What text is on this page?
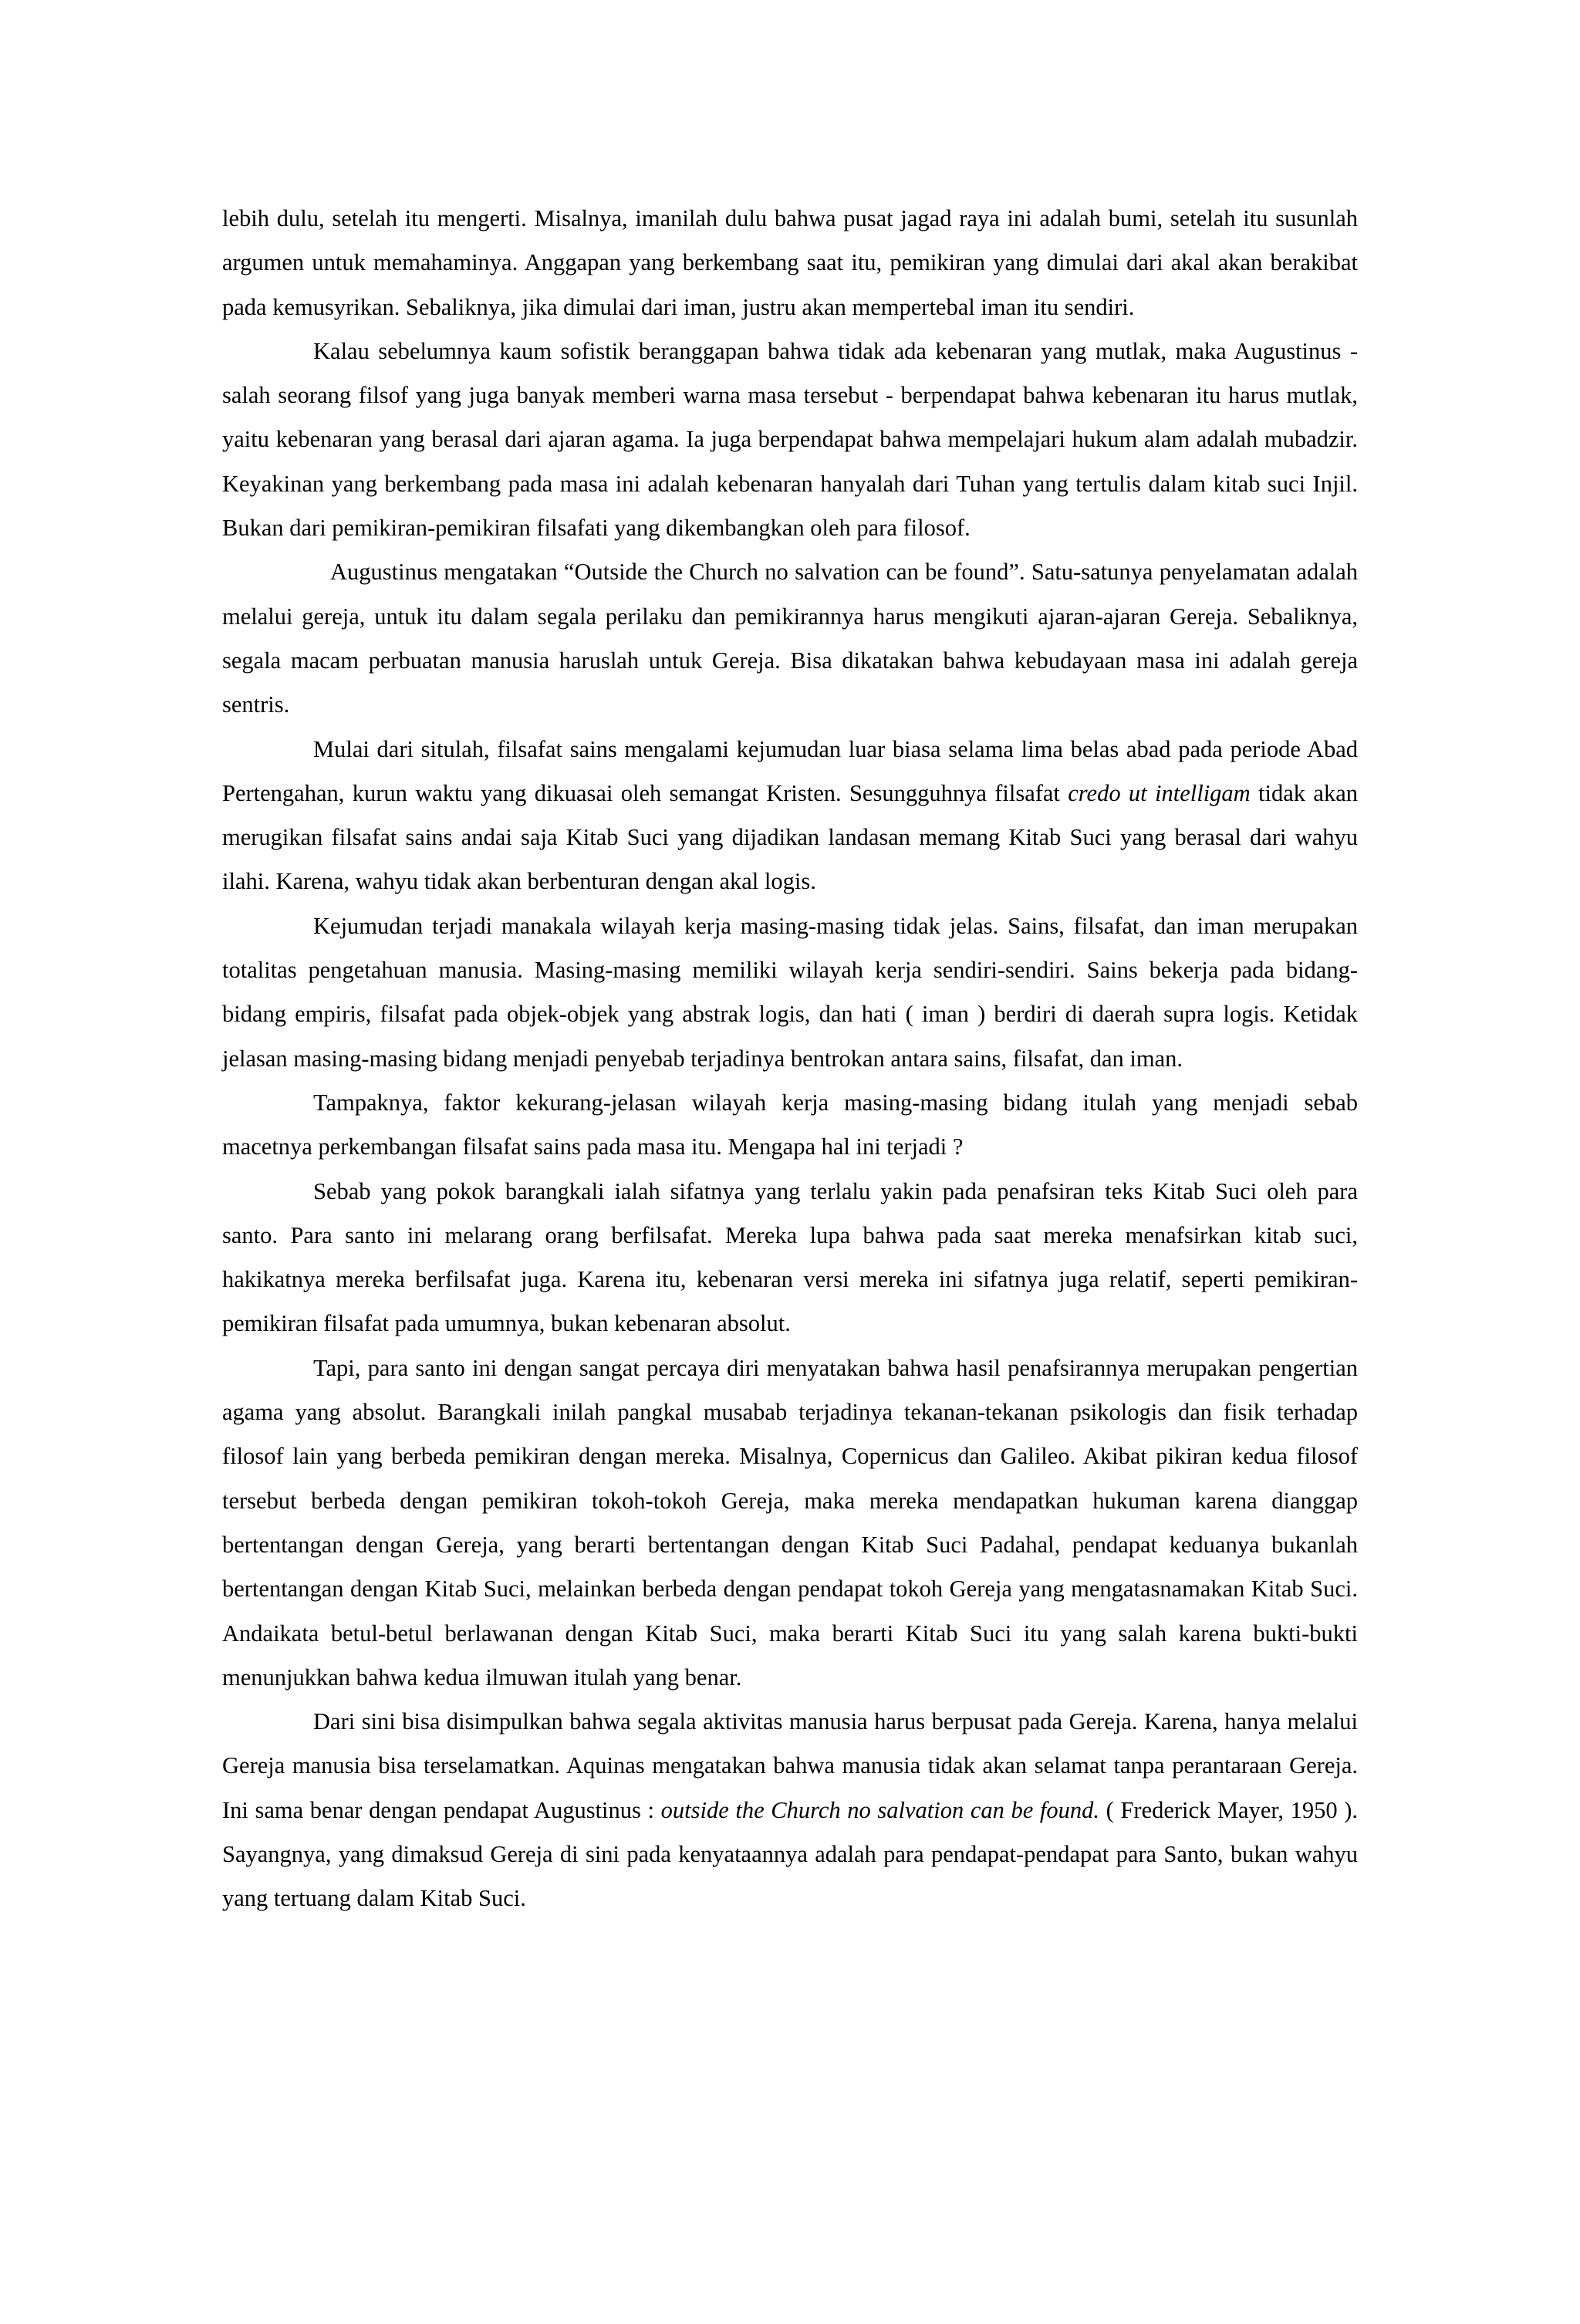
lebih dulu, setelah itu mengerti. Misalnya, imanilah dulu bahwa pusat jagad raya ini adalah bumi, setelah itu susunlah argumen untuk memahaminya. Anggapan yang berkembang saat itu, pemikiran yang dimulai dari akal akan berakibat pada kemusyrikan. Sebaliknya, jika dimulai dari iman, justru akan mempertebal iman itu sendiri.

Kalau sebelumnya kaum sofistik beranggapan bahwa tidak ada kebenaran yang mutlak, maka Augustinus - salah seorang filsof yang juga banyak memberi warna masa tersebut - berpendapat bahwa kebenaran itu harus mutlak, yaitu kebenaran yang berasal dari ajaran agama. Ia juga berpendapat bahwa mempelajari hukum alam adalah mubadzir. Keyakinan yang berkembang pada masa ini adalah kebenaran hanyalah dari Tuhan yang tertulis dalam kitab suci Injil. Bukan dari pemikiran-pemikiran filsafati yang dikembangkan oleh para filosof.

Augustinus mengatakan “Outside the Church no salvation can be found”. Satu-satunya penyelamatan adalah melalui gereja, untuk itu dalam segala perilaku dan pemikirannya harus mengikuti ajaran-ajaran Gereja. Sebaliknya, segala macam perbuatan manusia haruslah untuk Gereja. Bisa dikatakan bahwa kebudayaan masa ini adalah gereja sentris.

Mulai dari situlah, filsafat sains mengalami kejumudan luar biasa selama lima belas abad pada periode Abad Pertengahan, kurun waktu yang dikuasai oleh semangat Kristen. Sesungguhnya filsafat credo ut intelligam tidak akan merugikan filsafat sains andai saja Kitab Suci yang dijadikan landasan memang Kitab Suci yang berasal dari wahyu ilahi. Karena, wahyu tidak akan berbenturan dengan akal logis.

Kejumudan terjadi manakala wilayah kerja masing-masing tidak jelas. Sains, filsafat, dan iman merupakan totalitas pengetahuan manusia. Masing-masing memiliki wilayah kerja sendiri-sendiri. Sains bekerja pada bidang-bidang empiris, filsafat pada objek-objek yang abstrak logis, dan hati ( iman ) berdiri di daerah supra logis. Ketidak jelasan masing-masing bidang menjadi penyebab terjadinya bentrokan antara sains, filsafat, dan iman.

Tampaknya, faktor kekurang-jelasan wilayah kerja masing-masing bidang itulah yang menjadi sebab macetnya perkembangan filsafat sains pada masa itu. Mengapa hal ini terjadi ?

Sebab yang pokok barangkali ialah sifatnya yang terlalu yakin pada penafsiran teks Kitab Suci oleh para santo. Para santo ini melarang orang berfilsafat. Mereka lupa bahwa pada saat mereka menafsirkan kitab suci, hakikatnya mereka berfilsafat juga. Karena itu, kebenaran versi mereka ini sifatnya juga relatif, seperti pemikiran-pemikiran filsafat pada umumnya, bukan kebenaran absolut.

Tapi, para santo ini dengan sangat percaya diri menyatakan bahwa hasil penafsirannya merupakan pengertian agama yang absolut. Barangkali inilah pangkal musabab terjadinya tekanan-tekanan psikologis dan fisik terhadap filosof lain yang berbeda pemikiran dengan mereka. Misalnya, Copernicus dan Galileo. Akibat pikiran kedua filosof tersebut berbeda dengan pemikiran tokoh-tokoh Gereja, maka mereka mendapatkan hukuman karena dianggap bertentangan dengan Gereja, yang berarti bertentangan dengan Kitab Suci Padahal, pendapat keduanya bukanlah bertentangan dengan Kitab Suci, melainkan berbeda dengan pendapat tokoh Gereja yang mengatasnamakan Kitab Suci. Andaikata betul-betul berlawanan dengan Kitab Suci, maka berarti Kitab Suci itu yang salah karena bukti-bukti menunjukkan bahwa kedua ilmuwan itulah yang benar.

Dari sini bisa disimpulkan bahwa segala aktivitas manusia harus berpusat pada Gereja. Karena, hanya melalui Gereja manusia bisa terselamatkan. Aquinas mengatakan bahwa manusia tidak akan selamat tanpa perantaraan Gereja. Ini sama benar dengan pendapat Augustinus : outside the Church no salvation can be found. ( Frederick Mayer, 1950 ). Sayangnya, yang dimaksud Gereja di sini pada kenyataannya adalah para pendapat-pendapat para Santo, bukan wahyu yang tertuang dalam Kitab Suci.
